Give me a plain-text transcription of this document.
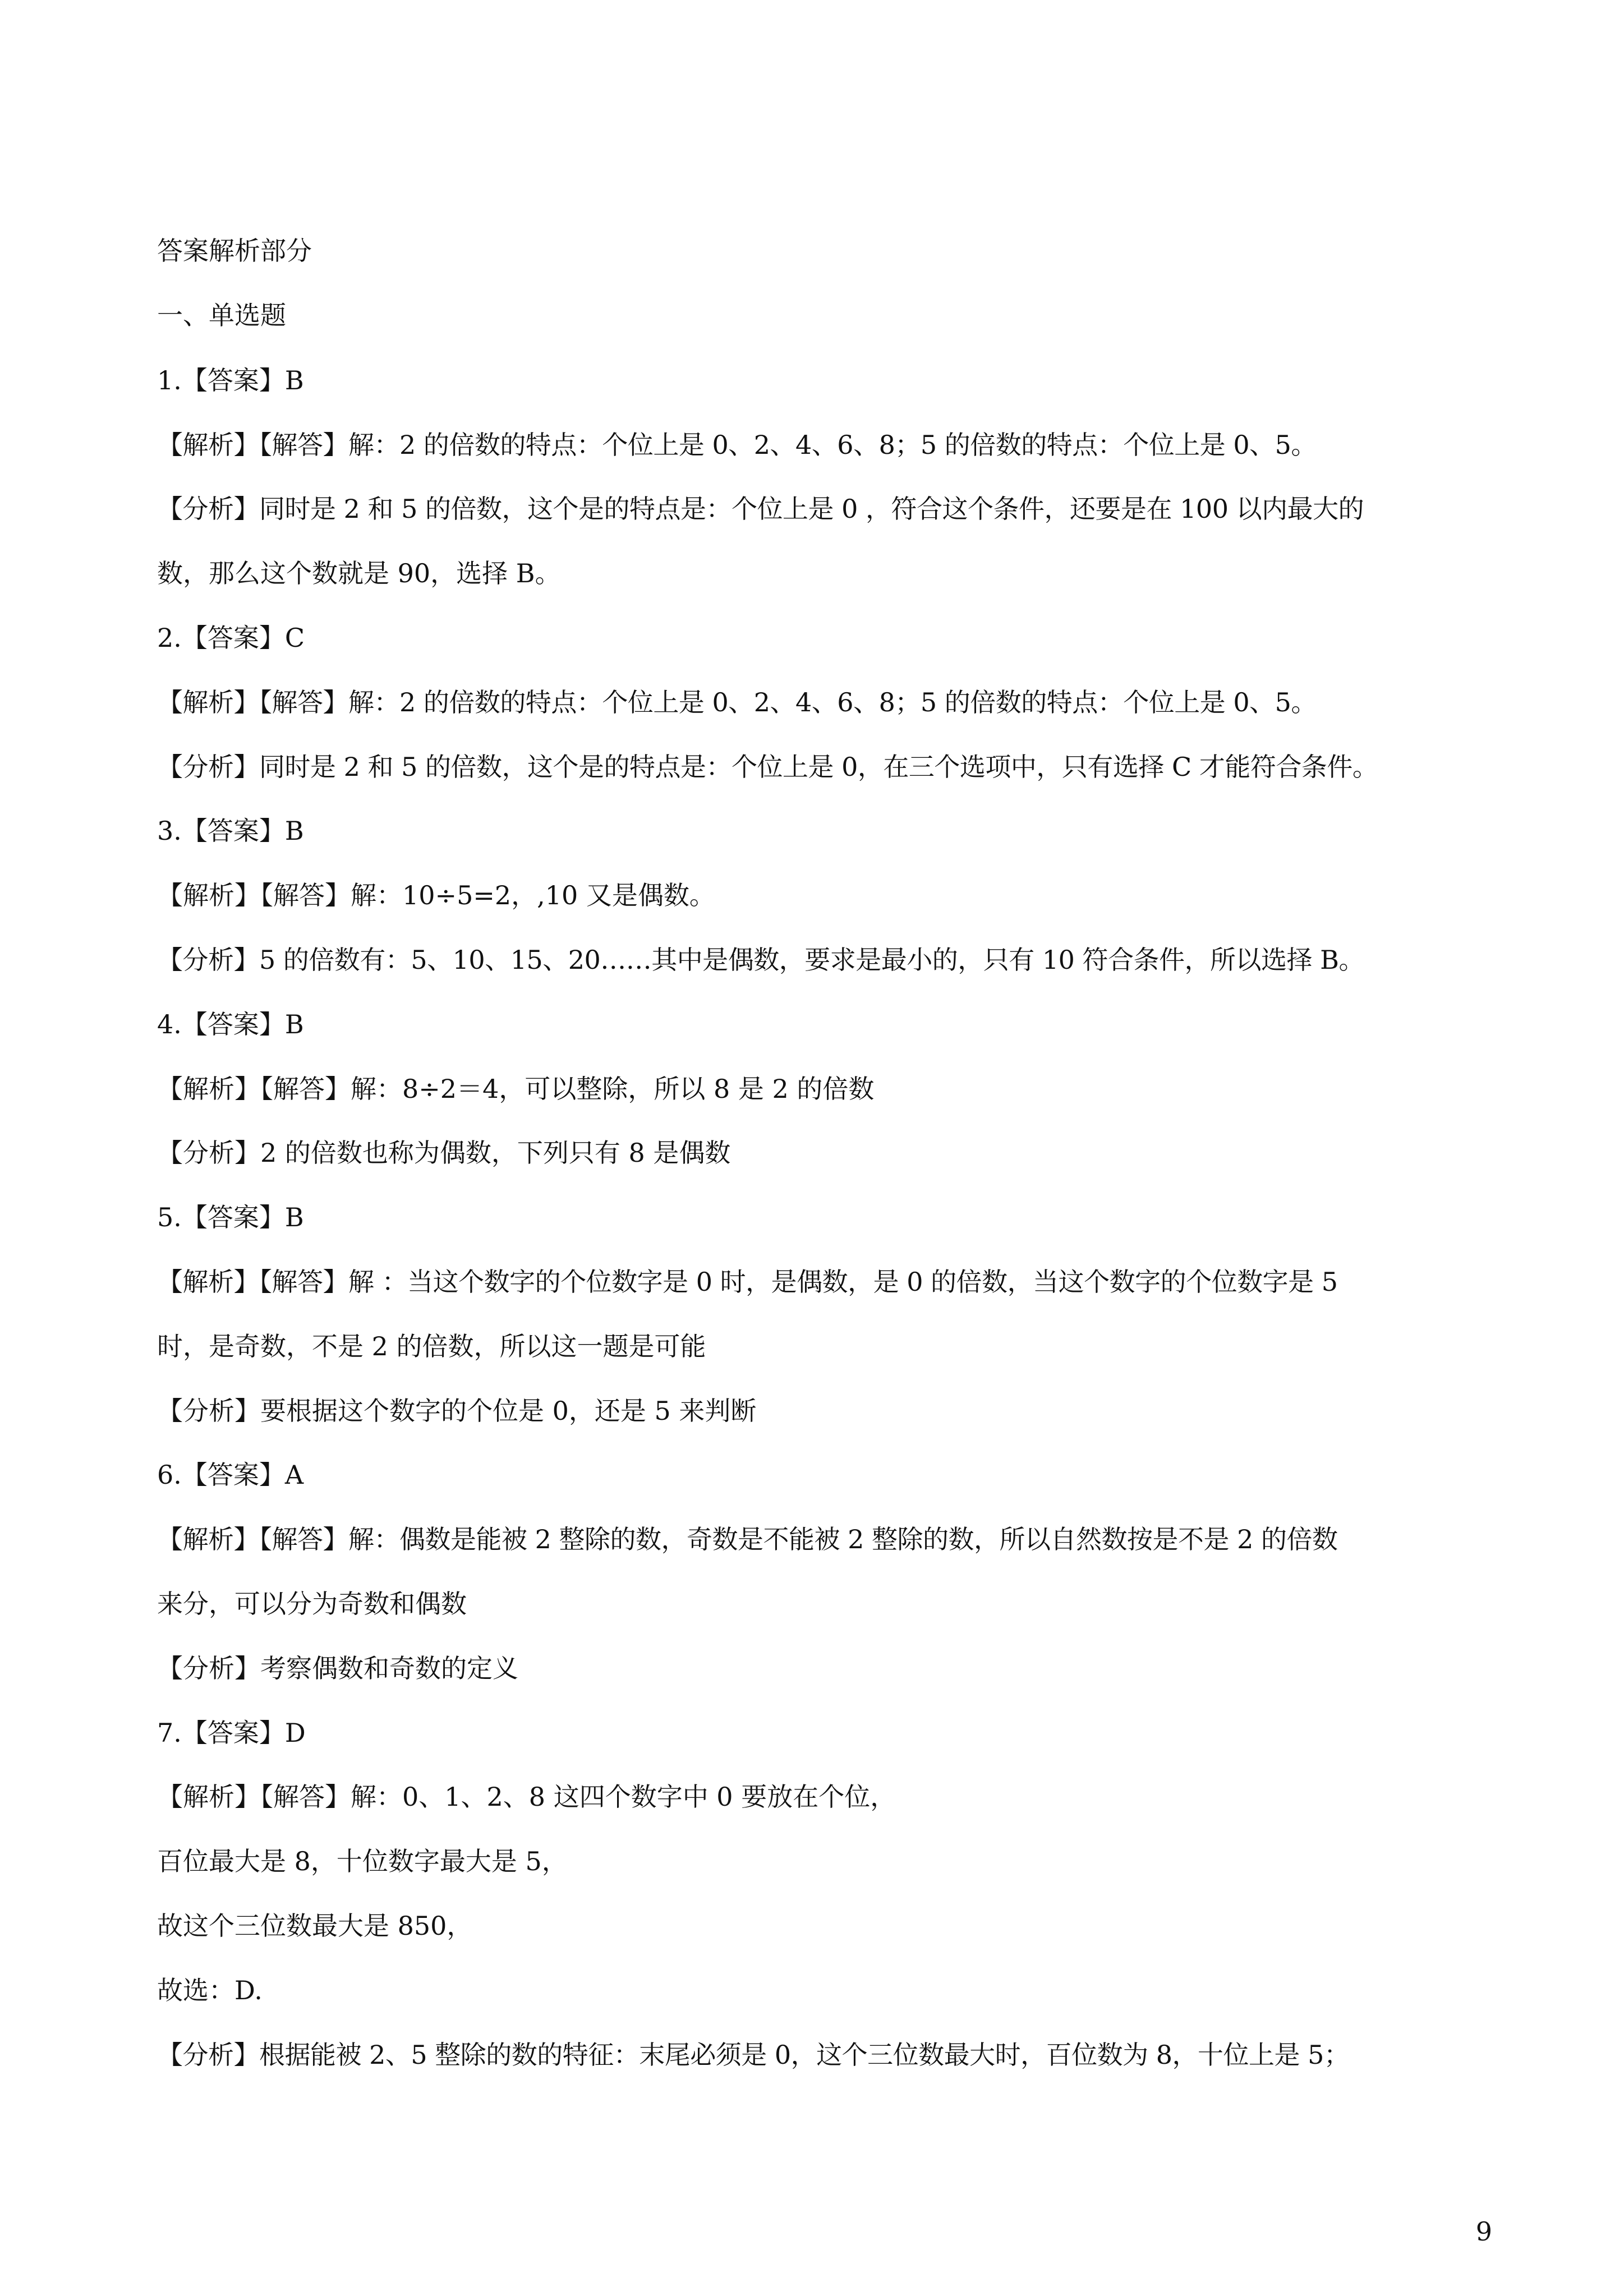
答案解析部分
一、单选题
1.【答案】B
【解析】【解答】解：2 的倍数的特点：个位上是 0、2、4、6、8；5 的倍数的特点：个位上是 0、5。
【分析】同时是 2 和 5 的倍数，这个是的特点是：个位上是 0 ，符合这个条件，还要是在 100 以内最大的
数，那么这个数就是 90，选择 B。
2.【答案】C
【解析】【解答】解：2 的倍数的特点：个位上是 0、2、4、6、8；5 的倍数的特点：个位上是 0、5。
【分析】同时是 2 和 5 的倍数，这个是的特点是：个位上是 0，在三个选项中，只有选择 C 才能符合条件。
3.【答案】B
【解析】【解答】解：10÷5=2，,10 又是偶数。
【分析】5 的倍数有：5、10、15、20……其中是偶数，要求是最小的，只有 10 符合条件，所以选择 B。
4.【答案】B
【解析】【解答】解：8÷2＝4，可以整除，所以 8 是 2 的倍数
【分析】2 的倍数也称为偶数，下列只有 8 是偶数
5.【答案】B
【解析】【解答】解 ：当这个数字的个位数字是 0 时，是偶数，是 0 的倍数，当这个数字的个位数字是 5
时，是奇数，不是 2 的倍数，所以这一题是可能
【分析】要根据这个数字的个位是 0，还是 5 来判断
6.【答案】A
【解析】【解答】解：偶数是能被 2 整除的数，奇数是不能被 2 整除的数，所以自然数按是不是 2 的倍数
来分，可以分为奇数和偶数
【分析】考察偶数和奇数的定义
7.【答案】D
【解析】【解答】解：0、1、2、8 这四个数字中 0 要放在个位，
百位最大是 8，十位数字最大是 5，
故这个三位数最大是 850，
故选：D.
【分析】根据能被 2、5 整除的数的特征：末尾必须是 0，这个三位数最大时，百位数为 8，十位上是 5；
9
